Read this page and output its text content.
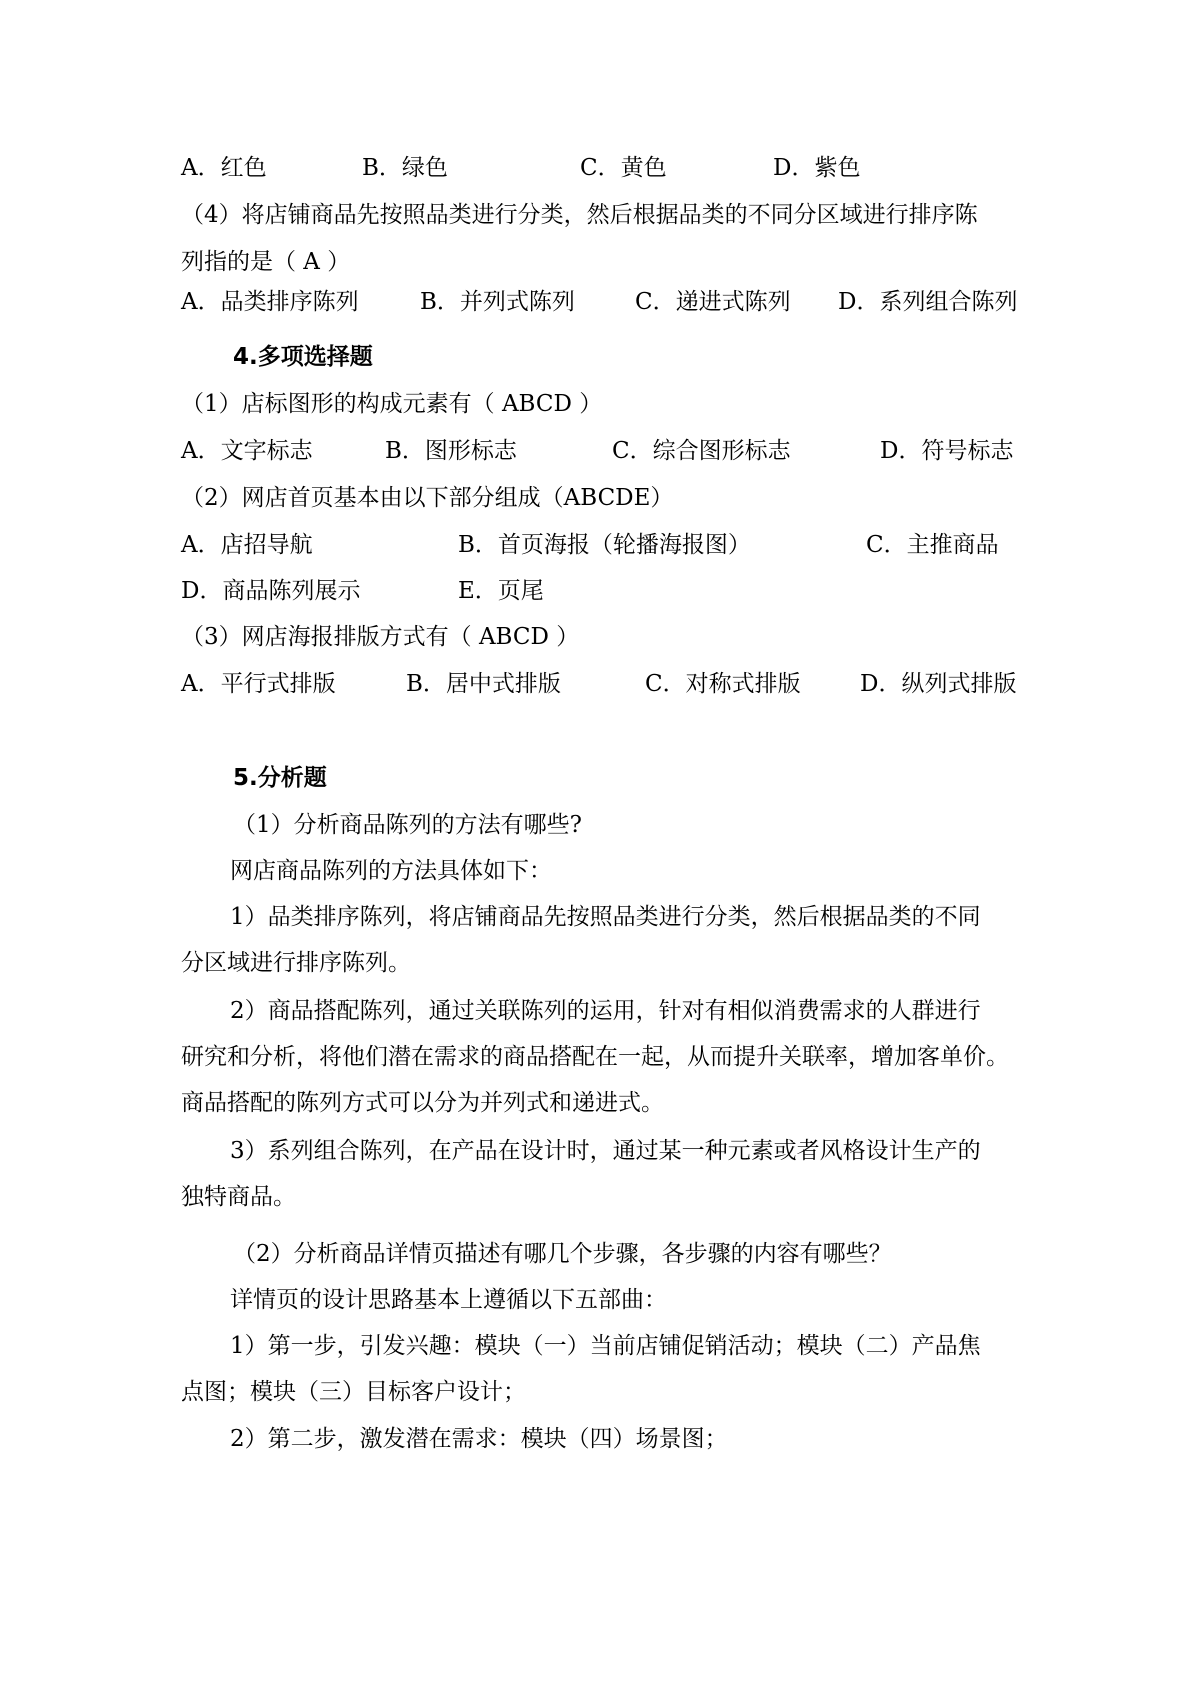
A．红色	B．绿色	C．黄色	D．紫色
（4）将店铺商品先按照品类进行分类，然后根据品类的不同分区域进行排序陈
列指的是（ A ）
A．品类排序陈列	B．并列式陈列	C．递进式陈列 D．系列组合陈列
4.多项选择题
（1）店标图形的构成元素有（ ABCD ）
A．文字标志	B．图形标志	C．综合图形标志	D．符号标志
（2）网店首页基本由以下部分组成（ABCDE）
A．店招导航	B．首页海报（轮播海报图）	C．主推商品
D．商品陈列展示	E．页尾
（3）网店海报排版方式有（ ABCD ）
A．平行式排版	B．居中式排版	C．对称式排版	D．纵列式排版
5.分析题
（1）分析商品陈列的方法有哪些?
网店商品陈列的方法具体如下：
1）品类排序陈列，将店铺商品先按照品类进行分类，然后根据品类的不同
分区域进行排序陈列。
2）商品搭配陈列，通过关联陈列的运用，针对有相似消费需求的人群进行
研究和分析，将他们潜在需求的商品搭配在一起，从而提升关联率，增加客单价。
商品搭配的陈列方式可以分为并列式和递进式。
3）系列组合陈列，在产品在设计时，通过某一种元素或者风格设计生产的
独特商品。
（2）分析商品详情页描述有哪几个步骤，各步骤的内容有哪些？
详情页的设计思路基本上遵循以下五部曲：
1）第一步，引发兴趣：模块（一）当前店铺促销活动；模块（二）产品焦
点图；模块（三）目标客户设计；
2）第二步，激发潜在需求：模块（四）场景图；
